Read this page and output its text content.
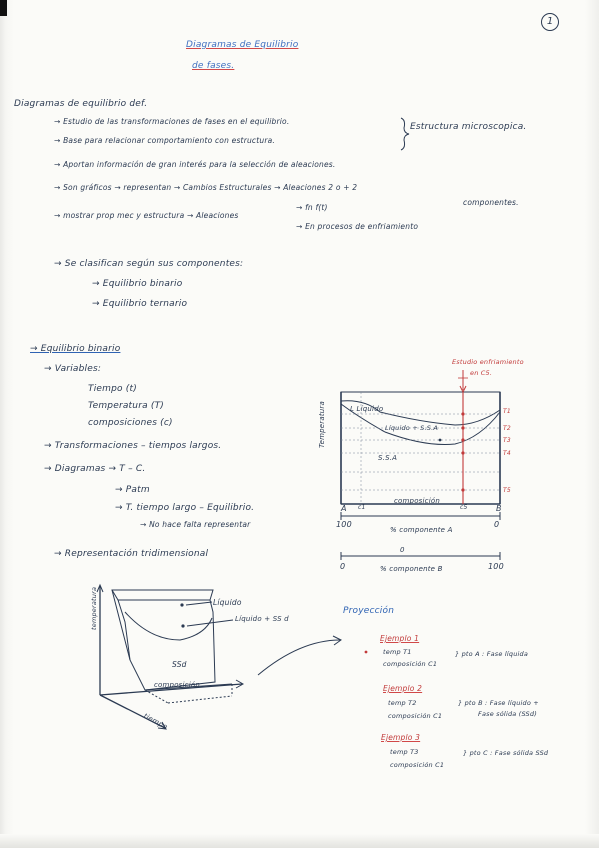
1
Diagramas de Equilibrio
de fases.
Diagramas de equilibrio def.
→ Estudio de las transformaciones de fases en el equilibrio.
→ Base para relacionar comportamiento con estructura.
Estructura microscopica.
→ Aportan información de gran interés para la selección de aleaciones.
→ Son gráficos → representan → Cambios Estructurales → Aleaciones 2 o + 2
componentes.
→ mostrar prop mec y estructura → Aleaciones
→ fn f(t)
→ En procesos de enfriamiento
→ Se clasifican según sus componentes:
→ Equilibrio binario
→ Equilibrio ternario
→ Equilibrio binario
→ Variables:
Tiempo (t)
Temperatura (T)
composiciones (c)
→ Transformaciones – tiempos largos.
→ Diagramas → T – C.
→ Patm
→ T. tiempo largo – Equilibrio.
→ No hace falta representar
→ Representación tridimensional
Estudio enfriamiento
en C5.
Temperatura	L Líquido
Líquido + S.S.A
S.S.A
composición
A	B
c1	c5
T1
T2
T3
T4
T5
100	0
% componente A
0
0	100
% componente B
temperatura	Líquido
Líquido + SS d
SSd
composición
tiempo
Proyección
Ejemplo 1
temp T1
composición C1
} pto A : Fase líquida
Ejemplo 2
temp T2
composición C1
} pto B : Fase líquido +
Fase sólida (SSd)
Ejemplo 3
temp T3
composición C1
} pto C : Fase sólida SSd
